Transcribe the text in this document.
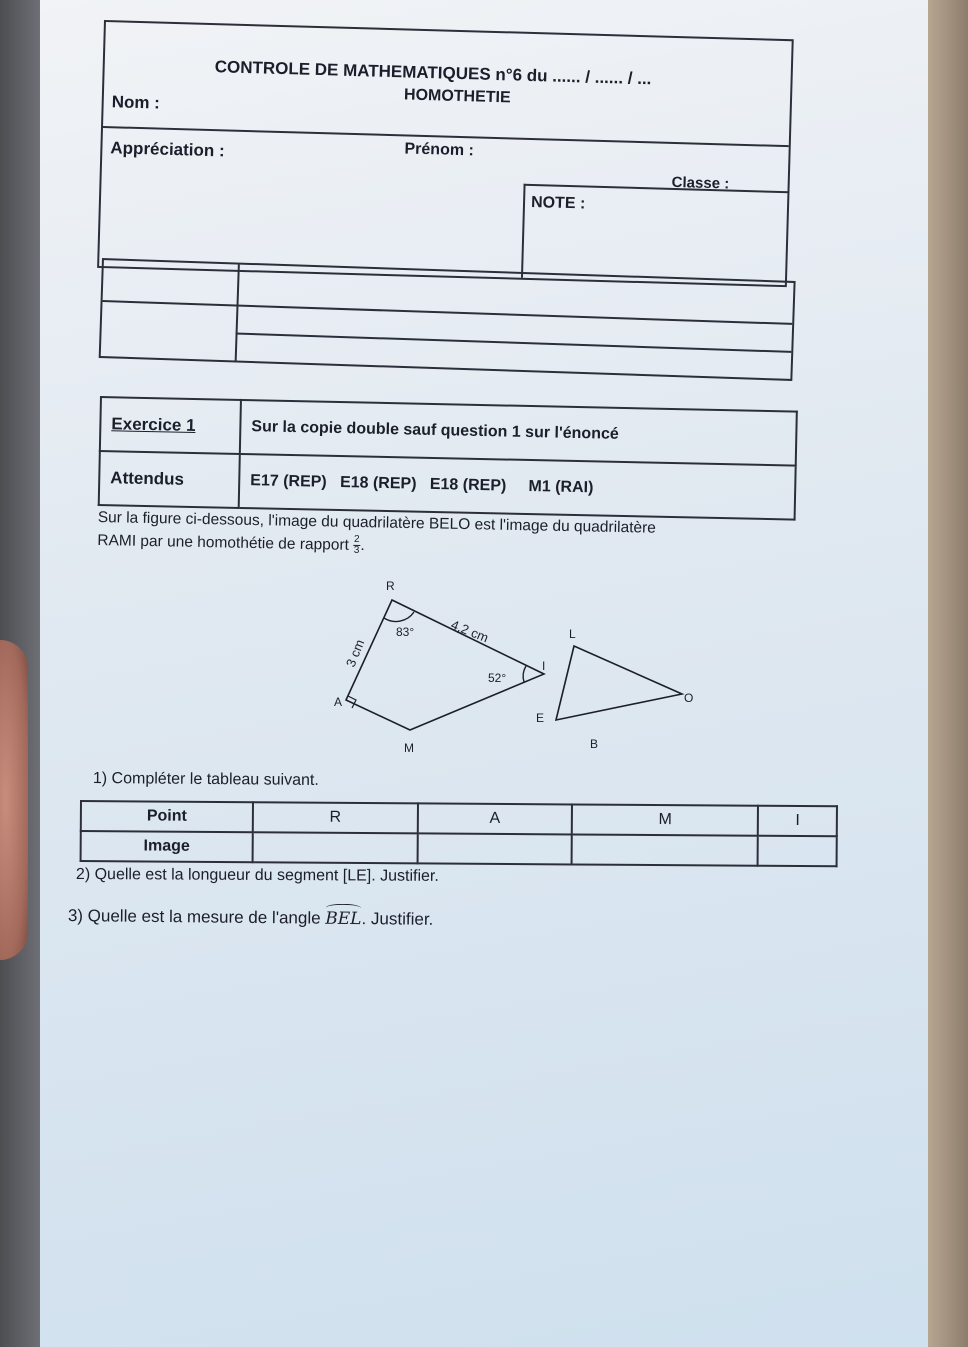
CONTROLE DE MATHEMATIQUES n°6 du ...... / ...... / ...
HOMOTHETIE
Nom :
Prénom :
Appréciation :
Classe :
NOTE :
Exercice 1	Sur la copie double sauf question 1 sur l'énoncé
Attendus	E17 (REP)   E18 (REP)   E18 (REP)     M1 (RAI)
Sur la figure ci-dessous, l'image du quadrilatère BELO est l'image du quadrilatère
RAMI par une homothétie de rapport $\frac{2}{3}$ .
R
A
M
I
83°
52°
4,2 cm
3 cm
L
E
B
O
1) Compléter le tableau suivant.
Point	R	A	M	I
Image				
2) Quelle est la longueur du segment [LE]. Justifier.
3) Quelle est la mesure de l'angle BEL. Justifier.
